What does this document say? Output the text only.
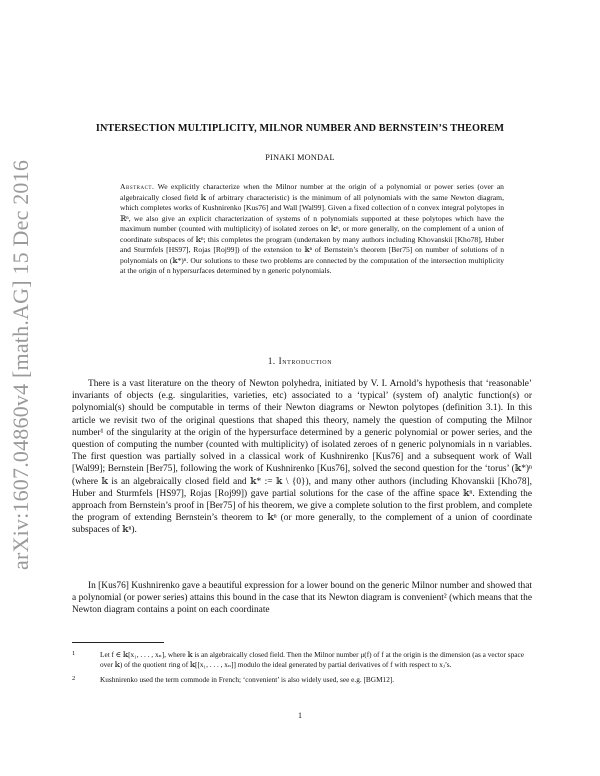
arXiv:1607.04860v4 [math.AG] 15 Dec 2016
INTERSECTION MULTIPLICITY, MILNOR NUMBER AND BERNSTEIN’S THEOREM
PINAKI MONDAL
Abstract. We explicitly characterize when the Milnor number at the origin of a polynomial or power series (over an algebraically closed field 𝕜 of arbitrary characteristic) is the minimum of all polynomials with the same Newton diagram, which completes works of Kushnirenko [Kus76] and Wall [Wal99]. Given a fixed collection of n convex integral polytopes in ℝⁿ, we also give an explicit characterization of systems of n polynomials supported at these polytopes which have the maximum number (counted with multiplicity) of isolated zeroes on 𝕜ⁿ, or more generally, on the complement of a union of coordinate subspaces of 𝕜ⁿ; this completes the program (undertaken by many authors including Khovanskii [Kho78], Huber and Sturmfels [HS97], Rojas [Roj99]) of the extension to 𝕜ⁿ of Bernstein’s theorem [Ber75] on number of solutions of n polynomials on (𝕜*)ⁿ. Our solutions to these two problems are connected by the computation of the intersection multiplicity at the origin of n hypersurfaces determined by n generic polynomials.
1. Introduction
There is a vast literature on the theory of Newton polyhedra, initiated by V. I. Arnold’s hypothesis that ‘reasonable’ invariants of objects (e.g. singularities, varieties, etc) associated to a ‘typical’ (system of) analytic function(s) or polynomial(s) should be computable in terms of their Newton diagrams or Newton polytopes (definition 3.1). In this article we revisit two of the original questions that shaped this theory, namely the question of computing the Milnor number¹ of the singularity at the origin of the hypersurface determined by a generic polynomial or power series, and the question of computing the number (counted with multiplicity) of isolated zeroes of n generic polynomials in n variables. The first question was partially solved in a classical work of Kushnirenko [Kus76] and a subsequent work of Wall [Wal99]; Bernstein [Ber75], following the work of Kushnirenko [Kus76], solved the second question for the ‘torus’ (𝕜*)ⁿ (where 𝕜 is an algebraically closed field and 𝕜* := 𝕜 \ {0}), and many other authors (including Khovanskii [Kho78], Huber and Sturmfels [HS97], Rojas [Roj99]) gave partial solutions for the case of the affine space 𝕜ⁿ. Extending the approach from Bernstein’s proof in [Ber75] of his theorem, we give a complete solution to the first problem, and complete the program of extending Bernstein’s theorem to 𝕜ⁿ (or more generally, to the complement of a union of coordinate subspaces of 𝕜ⁿ).
In [Kus76] Kushnirenko gave a beautiful expression for a lower bound on the generic Milnor number and showed that a polynomial (or power series) attains this bound in the case that its Newton diagram is convenient² (which means that the Newton diagram contains a point on each coordinate
1	Let f ∈ 𝕜[x₁, . . . , xₙ], where 𝕜 is an algebraically closed field. Then the Milnor number μ(f) of f at the origin is the dimension (as a vector space over 𝕜) of the quotient ring of 𝕜[[x₁, . . . , xₙ]] modulo the ideal generated by partial derivatives of f with respect to xⱼ’s.
2	Kushnirenko used the term commode in French; ‘convenient’ is also widely used, see e.g. [BGM12].
1
